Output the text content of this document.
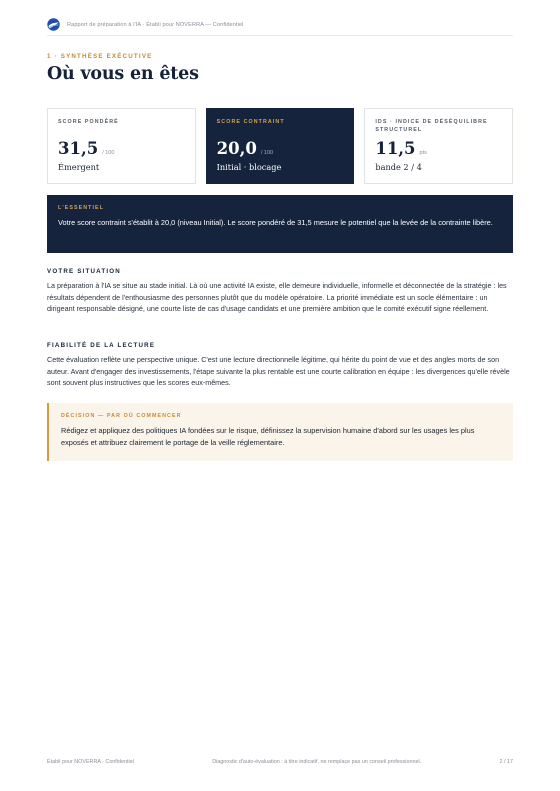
Rapport de préparation à l'IA · Établi pour NOVERRA — Confidentiel
1 · SYNTHÈSE EXÉCUTIVE
Où vous en êtes
SCORE PONDÉRÉ
31,5 / 100
Émergent
SCORE CONTRAINT
20,0 / 100
Initial · blocage
IDS · INDICE DE DÉSÉQUILIBRE STRUCTUREL
11,5 pts
bande 2 / 4
L'ESSENTIEL
Votre score contraint s'établit à 20,0 (niveau Initial). Le score pondéré de 31,5 mesure le potentiel que la levée de la contrainte libère.
VOTRE SITUATION

La préparation à l'IA se situe au stade initial. Là où une activité IA existe, elle demeure individuelle, informelle et déconnectée de la stratégie : les résultats dépendent de l'enthousiasme des personnes plutôt que du modèle opératoire. La priorité immédiate est un socle élémentaire : un dirigeant responsable désigné, une courte liste de cas d'usage candidats et une première ambition que le comité exécutif signe réellement.

FIABILITÉ DE LA LECTURE

Cette évaluation reflète une perspective unique. C'est une lecture directionnelle légitime, qui hérite du point de vue et des angles morts de son auteur. Avant d'engager des investissements, l'étape suivante la plus rentable est une courte calibration en équipe : les divergences qu'elle révèle sont souvent plus instructives que les scores eux-mêmes.

DÉCISION — PAR OÙ COMMENCER
Rédigez et appliquez des politiques IA fondées sur le risque, définissez la supervision humaine d'abord sur les usages les plus exposés et attribuez clairement le portage de la veille réglementaire.
Établi pour NOVERRA · Confidentiel	Diagnostic d'auto-évaluation : à titre indicatif, ne remplace pas un conseil professionnel.	2 / 17
